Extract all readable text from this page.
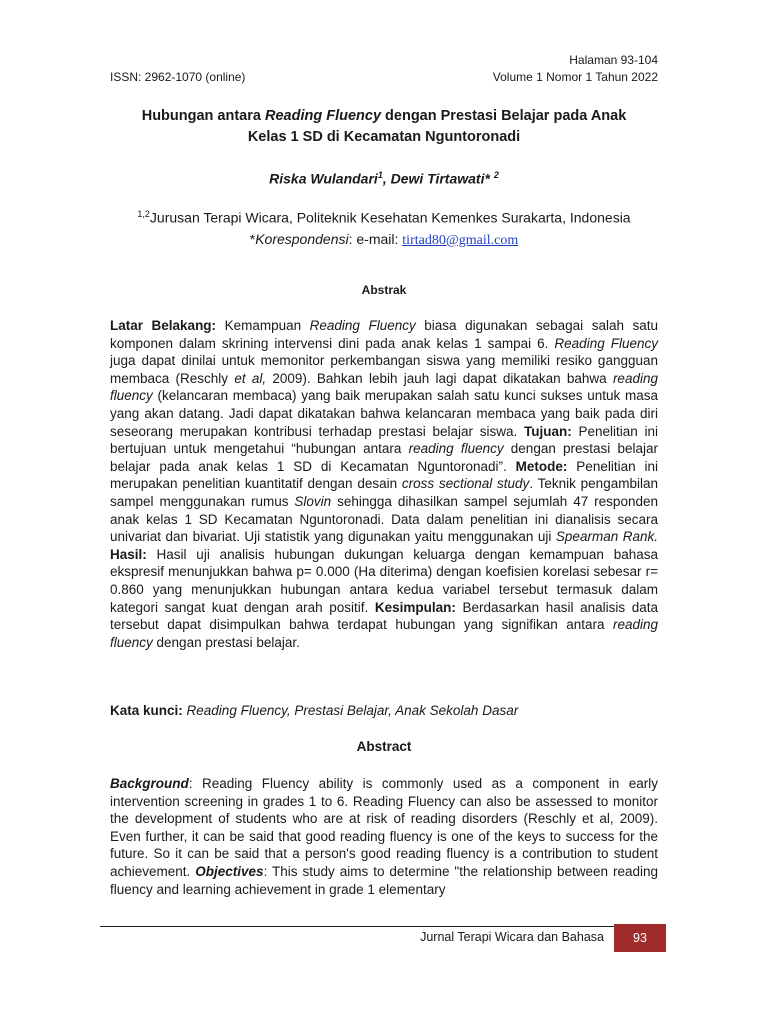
Halaman 93-104
Volume 1 Nomor 1 Tahun 2022
ISSN: 2962-1070 (online)
Hubungan antara Reading Fluency dengan Prestasi Belajar pada Anak
Kelas 1 SD di Kecamatan Nguntoronadi
Riska Wulandari$^1$, Dewi Tirtawati* $^2$
$^{1,2}$Jurusan Terapi Wicara, Politeknik Kesehatan Kemenkes Surakarta, Indonesia
*Korespondensi: e-mail: tirtad80@gmail.com
Abstrak
Latar Belakang: Kemampuan Reading Fluency biasa digunakan sebagai salah satu komponen dalam skrining intervensi dini pada anak kelas 1 sampai 6. Reading Fluency juga dapat dinilai untuk memonitor perkembangan siswa yang memiliki resiko gangguan membaca (Reschly et al, 2009). Bahkan lebih jauh lagi dapat dikatakan bahwa reading fluency (kelancaran membaca) yang baik merupakan salah satu kunci sukses untuk masa yang akan datang. Jadi dapat dikatakan bahwa kelancaran membaca yang baik pada diri seseorang merupakan kontribusi terhadap prestasi belajar siswa. Tujuan: Penelitian ini bertujuan untuk mengetahui “hubungan antara reading fluency dengan prestasi belajar belajar pada anak kelas 1 SD di Kecamatan Nguntoronadi”. Metode: Penelitian ini merupakan penelitian kuantitatif dengan desain cross sectional study. Teknik pengambilan sampel menggunakan rumus Slovin sehingga dihasilkan sampel sejumlah 47 responden anak kelas 1 SD Kecamatan Nguntoronadi. Data dalam penelitian ini dianalisis secara univariat dan bivariat. Uji statistik yang digunakan yaitu menggunakan uji Spearman Rank. Hasil: Hasil uji analisis hubungan dukungan keluarga dengan kemampuan bahasa ekspresif menunjukkan bahwa p= 0.000 (Ha diterima) dengan koefisien korelasi sebesar r= 0.860 yang menunjukkan hubungan antara kedua variabel tersebut termasuk dalam kategori sangat kuat dengan arah positif. Kesimpulan: Berdasarkan hasil analisis data tersebut dapat disimpulkan bahwa terdapat hubungan yang signifikan antara reading fluency dengan prestasi belajar.
Kata kunci: Reading Fluency, Prestasi Belajar, Anak Sekolah Dasar
Abstract
Background: Reading Fluency ability is commonly used as a component in early intervention screening in grades 1 to 6. Reading Fluency can also be assessed to monitor the development of students who are at risk of reading disorders (Reschly et al, 2009). Even further, it can be said that good reading fluency is one of the keys to success for the future. So it can be said that a person's good reading fluency is a contribution to student achievement. Objectives: This study aims to determine "the relationship between reading fluency and learning achievement in grade 1 elementary
Jurnal Terapi Wicara dan Bahasa	93
